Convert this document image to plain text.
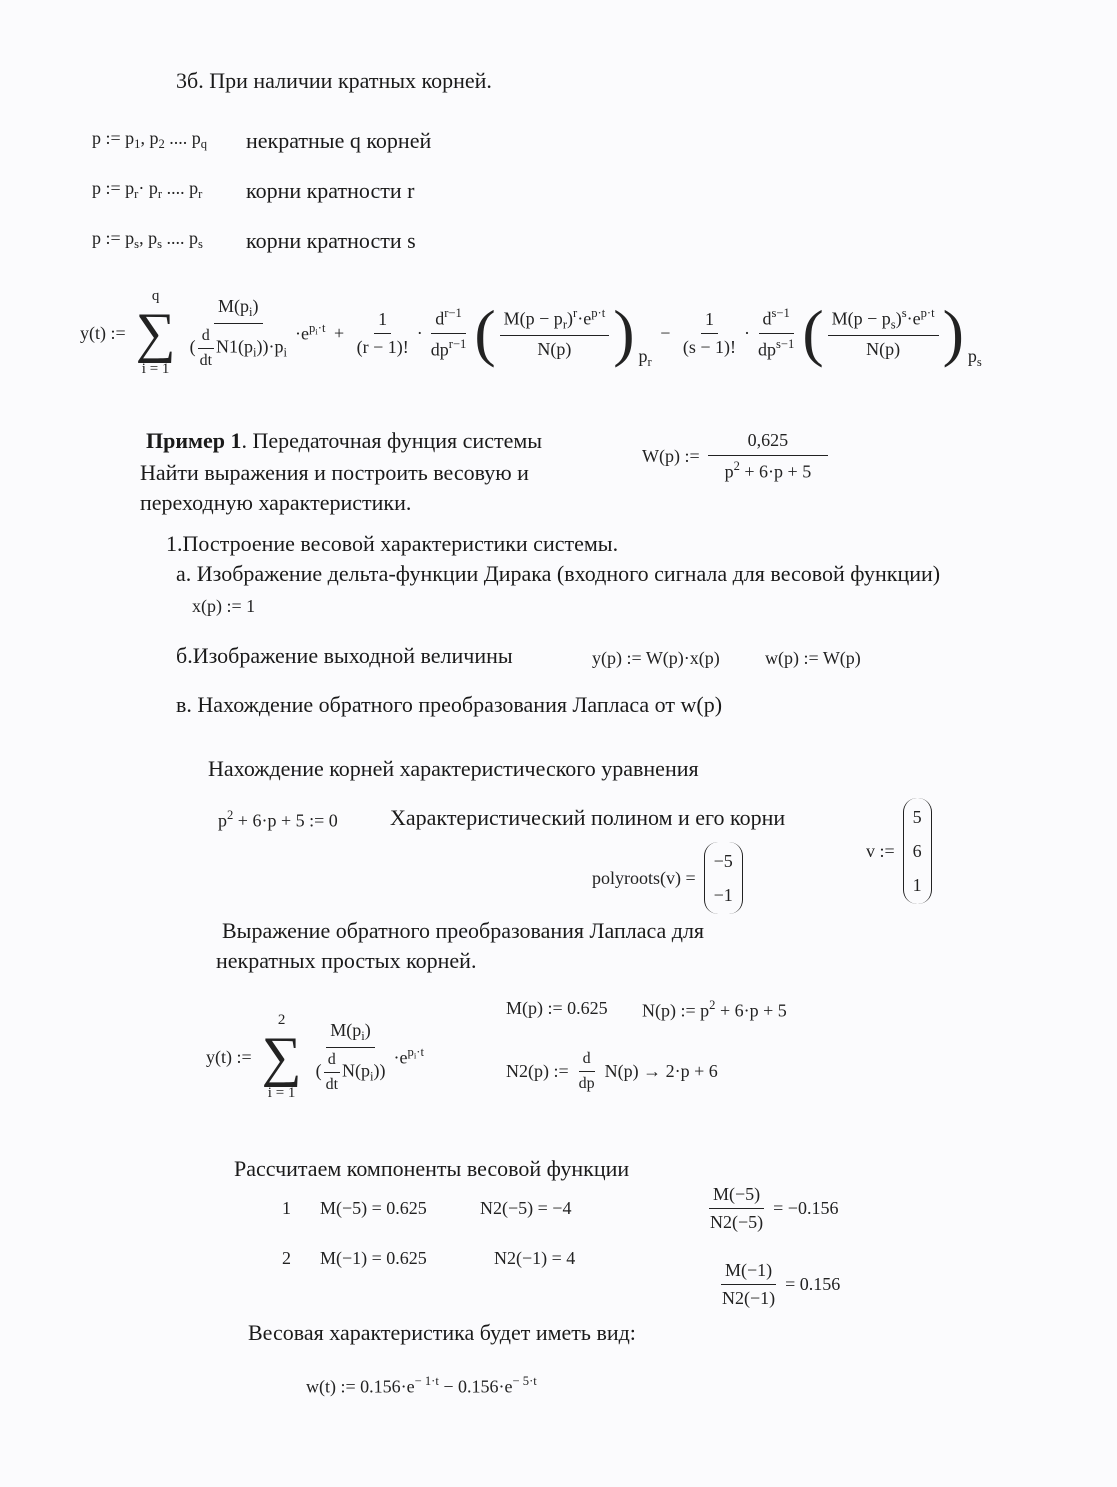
3б. При наличии кратных корней.
p := $p_1$, $p_2$ .... $p_q$ некратные q корней
p := $p_r\cdot p_r$ .... $p_r$ корни кратности r
p := $p_s$, $p_s$ .... $p_s$ корни кратности s
y(t) :=
q
∑
$i = 1 \frac{M(p_i)}{( \frac{d}{dt} N1(p_i))\cdot p_i} \cdot e^{p_i\cdot t} + \frac{1}{(r - 1)!} \cdot \frac{d^{r-1}}{dp^{r-1}}$ ( $\frac{M(p - p_r)^r\cdot e^{p\cdot t}}{N(p)}$ ) $p_r$
− $\frac{1}{(s - 1)!} \cdot \frac{d^{s-1}}{dp^{s-1}}$ ( $\frac{M(p - p_s)^s\cdot e^{p\cdot t}}{N(p)}$ ) $p_s$
Пример 1. Передаточная фунция системы
Найти выражения и построить весовую и
переходную характеристики.
W(p) := $\frac{0,625}{p^2 + 6\cdot p + 5}$
1.Построение весовой характеристики системы.
а. Изображение дельта-функции Дирака (входного сигнала для весовой функции)
x(p) := 1
б.Изображение выходной величины	y(p) := W(p)·x(p)	w(p) := W(p)
в. Нахождение обратного преобразования Лапласа от w(p)
Нахождение корней характеристического уравнения
$p^2 + 6\cdot p + 5$ := 0 Характеристический полином и его корни
v :=
5
6
1
polyroots(v) =
−5
−1
Выражение обратного преобразования Лапласа для
некратных простых корней.
y(t) :=
2
∑
$i = 1 \frac{M(p_i)}{( \frac{d}{dt} N(p_i))} \cdot e^{p_i\cdot t}$
M(p) := 0.625 N(p) := $p^2 + 6\cdot p + 5$
N2(p) := $\frac{d}{dp} N(p) \to 2\cdot p + 6$
Рассчитаем компоненты весовой функции
1 M(−5) = 0.625	N2(−5) = −4	$\frac{M(-5)}{N2(-5)} = -0.156$
2 M(−1) = 0.625	N2(−1) = 4
$\frac{M(-1)}{N2(-1)} = 0.156$
Весовая характеристика будет иметь вид:
w(t) := $0.156\cdot e^{- 1\cdot t} - 0.156\cdot e^{- 5\cdot t}$
